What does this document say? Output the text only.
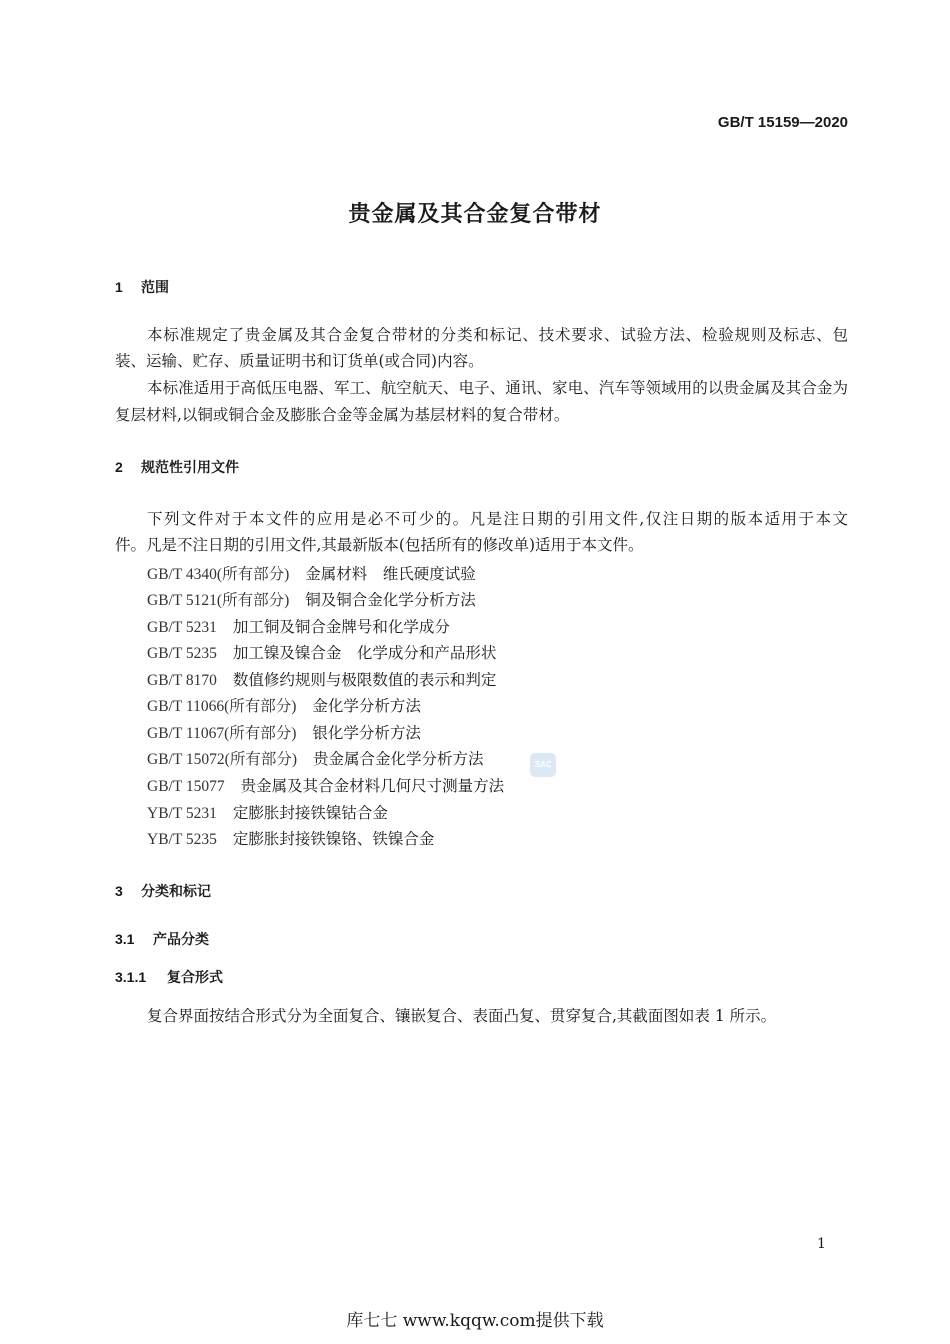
GB/T 15159—2020
贵金属及其合金复合带材
1 范围
本标准规定了贵金属及其合金复合带材的分类和标记、技术要求、试验方法、检验规则及标志、包
装、运输、贮存、质量证明书和订货单(或合同)内容。
本标准适用于高低压电器、军工、航空航天、电子、通讯、家电、汽车等领域用的以贵金属及其合金为
复层材料,以铜或铜合金及膨胀合金等金属为基层材料的复合带材。
2 规范性引用文件
下列文件对于本文件的应用是必不可少的。凡是注日期的引用文件,仅注日期的版本适用于本文
件。凡是不注日期的引用文件,其最新版本(包括所有的修改单)适用于本文件。
GB/T 4340(所有部分) 金属材料　维氏硬度试验
GB/T 5121(所有部分) 铜及铜合金化学分析方法
GB/T 5231 加工铜及铜合金牌号和化学成分
GB/T 5235 加工镍及镍合金　化学成分和产品形状
GB/T 8170 数值修约规则与极限数值的表示和判定
GB/T 11066(所有部分) 金化学分析方法
GB/T 11067(所有部分) 银化学分析方法
GB/T 15072(所有部分) 贵金属合金化学分析方法
GB/T 15077 贵金属及其合金材料几何尺寸测量方法
YB/T 5231 定膨胀封接铁镍钴合金
YB/T 5235 定膨胀封接铁镍铬、铁镍合金
SAC
3 分类和标记
3.1 产品分类
3.1.1 复合形式
复合界面按结合形式分为全面复合、镶嵌复合、表面凸复、贯穿复合,其截面图如表 1 所示。
1
库七七 www.kqqw.com提供下载
